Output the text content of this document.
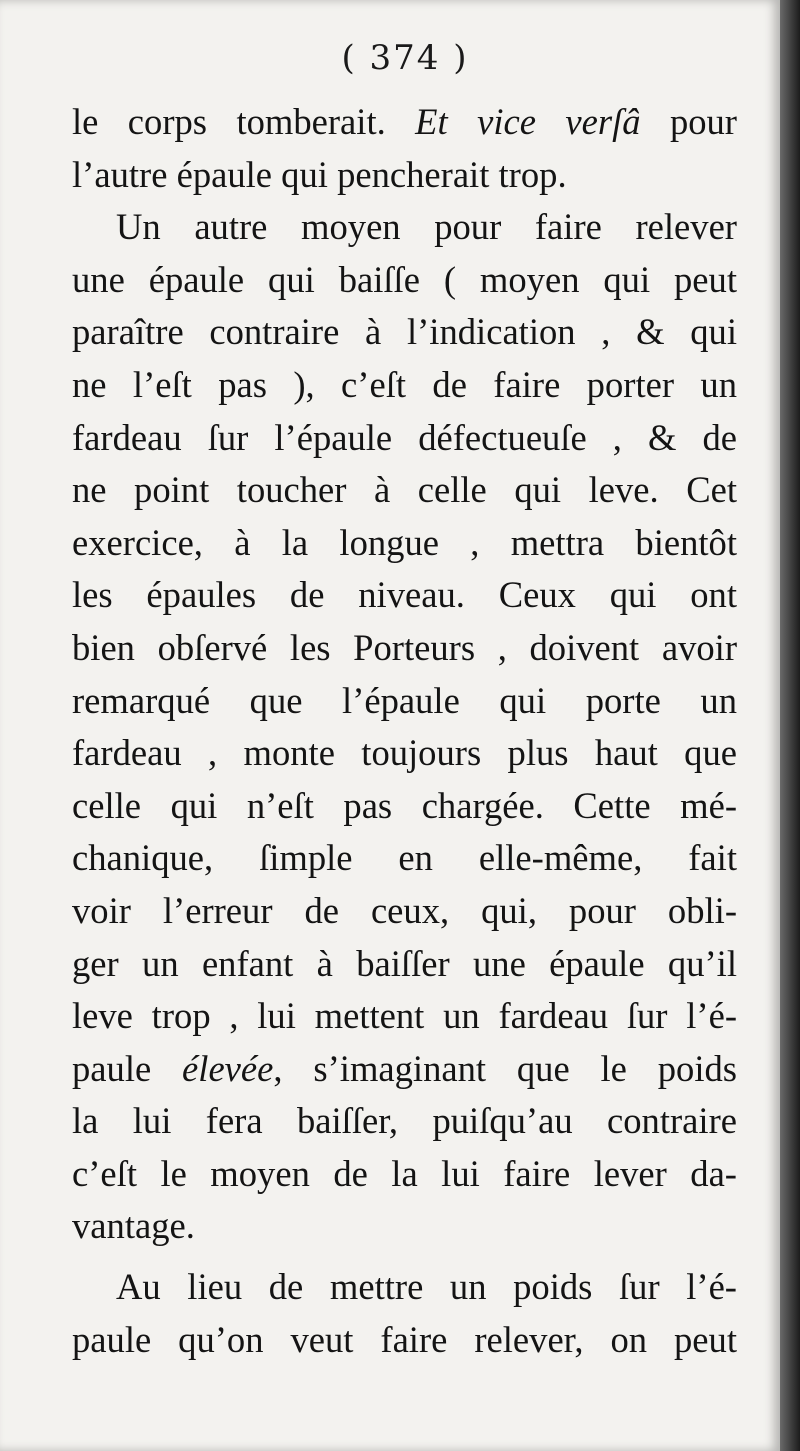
( 374 )
le corps tomberait. Et vice verſâ pour
l’autre épaule qui pencherait trop.
Un autre moyen pour faire relever
une épaule qui baiſſe ( moyen qui peut
paraître contraire à l’indication , & qui
ne l’eſt pas ), c’eſt de faire porter un
fardeau ſur l’épaule défectueuſe , & de
ne point toucher à celle qui leve. Cet
exercice, à la longue , mettra bientôt
les épaules de niveau. Ceux qui ont
bien obſervé les Porteurs , doivent avoir
remarqué que l’épaule qui porte un
fardeau , monte toujours plus haut que
celle qui n’eſt pas chargée. Cette mé-
chanique, ſimple en elle-même, fait
voir l’erreur de ceux, qui, pour obli-
ger un enfant à baiſſer une épaule qu’il
leve trop , lui mettent un fardeau ſur l’é-
paule élevée, s’imaginant que le poids
la lui fera baiſſer, puiſqu’au contraire
c’eſt le moyen de la lui faire lever da-
vantage.
Au lieu de mettre un poids ſur l’é-
paule qu’on veut faire relever, on peut
